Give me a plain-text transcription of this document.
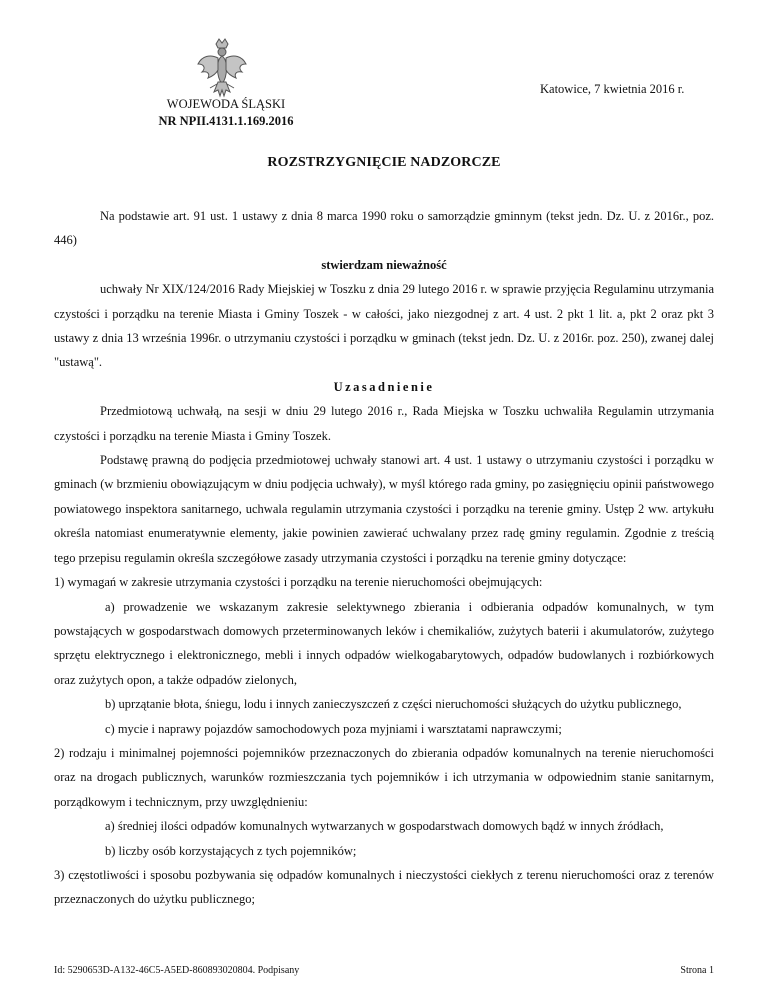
WOJEWODA ŚLĄSKI
NR NPII.4131.1.169.2016
Katowice, 7 kwietnia 2016 r.
ROZSTRZYGNIĘCIE NADZORCZE

Na podstawie art. 91 ust. 1 ustawy z dnia 8 marca 1990 roku o samorządzie gminnym (tekst jedn. Dz. U. z 2016r., poz. 446)

stwierdzam nieważność

uchwały Nr XIX/124/2016 Rady Miejskiej w Toszku z dnia 29 lutego 2016 r. w sprawie przyjęcia Regulaminu utrzymania czystości i porządku na terenie Miasta i Gminy Toszek - w całości, jako niezgodnej z art. 4 ust. 2 pkt 1 lit. a, pkt 2 oraz pkt 3 ustawy z dnia 13 września 1996r. o utrzymaniu czystości i porządku w gminach (tekst jedn. Dz. U. z 2016r. poz. 250), zwanej dalej "ustawą".

Uzasadnienie

Przedmiotową uchwałą, na sesji w dniu 29 lutego 2016 r., Rada Miejska w Toszku uchwaliła Regulamin utrzymania czystości i porządku na terenie Miasta i Gminy Toszek.

Podstawę prawną do podjęcia przedmiotowej uchwały stanowi art. 4 ust. 1 ustawy o utrzymaniu czystości i porządku w gminach (w brzmieniu obowiązującym w dniu podjęcia uchwały), w myśl którego rada gminy, po zasięgnięciu opinii państwowego powiatowego inspektora sanitarnego, uchwala regulamin utrzymania czystości i porządku na terenie gminy. Ustęp 2 ww. artykułu określa natomiast enumeratywnie elementy, jakie powinien zawierać uchwalany przez radę gminy regulamin. Zgodnie z treścią tego przepisu regulamin określa szczegółowe zasady utrzymania czystości i porządku na terenie gminy dotyczące:

1) wymagań w zakresie utrzymania czystości i porządku na terenie nieruchomości obejmujących:

a) prowadzenie we wskazanym zakresie selektywnego zbierania i odbierania odpadów komunalnych, w tym powstających w gospodarstwach domowych przeterminowanych leków i chemikaliów, zużytych baterii i akumulatorów, zużytego sprzętu elektrycznego i elektronicznego, mebli i innych odpadów wielkogabarytowych, odpadów budowlanych i rozbiórkowych oraz zużytych opon, a także odpadów zielonych,

b) uprzątanie błota, śniegu, lodu i innych zanieczyszczeń z części nieruchomości służących do użytku publicznego,

c) mycie i naprawy pojazdów samochodowych poza myjniami i warsztatami naprawczymi;

2) rodzaju i minimalnej pojemności pojemników przeznaczonych do zbierania odpadów komunalnych na terenie nieruchomości oraz na drogach publicznych, warunków rozmieszczania tych pojemników i ich utrzymania w odpowiednim stanie sanitarnym, porządkowym i technicznym, przy uwzględnieniu:

a) średniej ilości odpadów komunalnych wytwarzanych w gospodarstwach domowych bądź w innych źródłach,

b) liczby osób korzystających z tych pojemników;

3) częstotliwości i sposobu pozbywania się odpadów komunalnych i nieczystości ciekłych z terenu nieruchomości oraz z terenów przeznaczonych do użytku publicznego;

Id: 5290653D-A132-46C5-A5ED-860893020804. Podpisany	Strona 1
